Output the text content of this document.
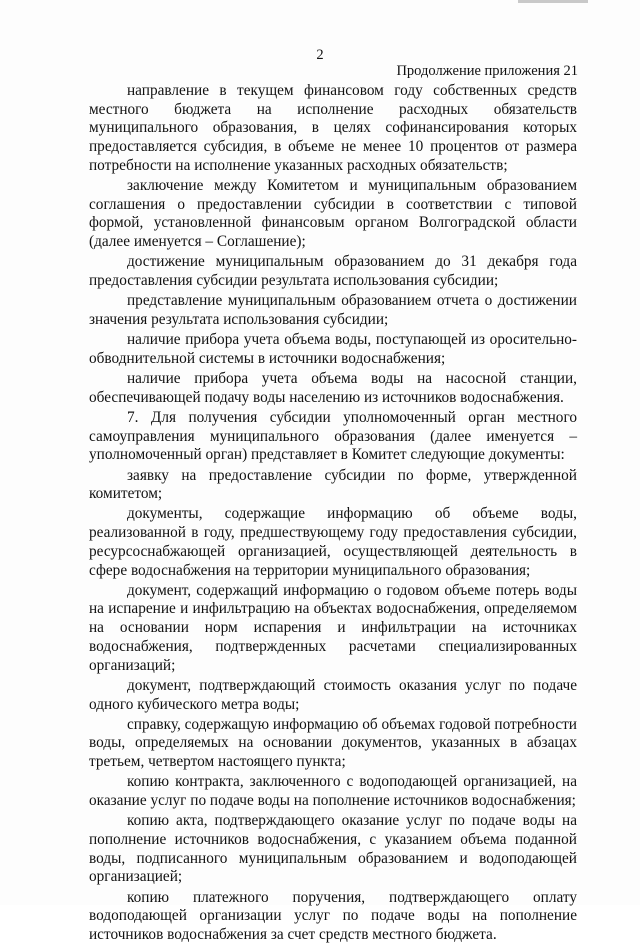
2
Продолжение приложения 21

направление в текущем финансовом году собственных средств местного бюджета на исполнение расходных обязательств муниципального образования, в целях софинансирования которых предоставляется субсидия, в объеме не менее 10 процентов от размера потребности на исполнение указанных расходных обязательств;

заключение между Комитетом и муниципальным образованием соглашения о предоставлении субсидии в соответствии с типовой формой, установленной финансовым органом Волгоградской области (далее именуется – Соглашение);

достижение муниципальным образованием до 31 декабря года предоставления субсидии результата использования субсидии;

представление муниципальным образованием отчета о достижении значения результата использования субсидии;

наличие прибора учета объема воды, поступающей из оросительно-обводнительной системы в источники водоснабжения;

наличие прибора учета объема воды на насосной станции, обеспечивающей подачу воды населению из источников водоснабжения.

7. Для получения субсидии уполномоченный орган местного самоуправления муниципального образования (далее именуется – уполномоченный орган) представляет в Комитет следующие документы:

заявку на предоставление субсидии по форме, утвержденной комитетом;

документы, содержащие информацию об объеме воды, реализованной в году, предшествующему году предоставления субсидии, ресурсоснабжающей организацией, осуществляющей деятельность в сфере водоснабжения на территории муниципального образования;

документ, содержащий информацию о годовом объеме потерь воды на испарение и инфильтрацию на объектах водоснабжения, определяемом на основании норм испарения и инфильтрации на источниках водоснабжения, подтвержденных расчетами специализированных организаций;

документ, подтверждающий стоимость оказания услуг по подаче одного кубического метра воды;

справку, содержащую информацию об объемах годовой потребности воды, определяемых на основании документов, указанных в абзацах третьем, четвертом настоящего пункта;

копию контракта, заключенного с водоподающей организацией, на оказание услуг по подаче воды на пополнение источников водоснабжения;

копию акта, подтверждающего оказание услуг по подаче воды на пополнение источников водоснабжения, с указанием объема поданной воды, подписанного муниципальным образованием и водоподающей организацией;

копию платежного поручения, подтверждающего оплату водоподающей организации услуг по подаче воды на пополнение источников водоснабжения за счет средств местного бюджета.
